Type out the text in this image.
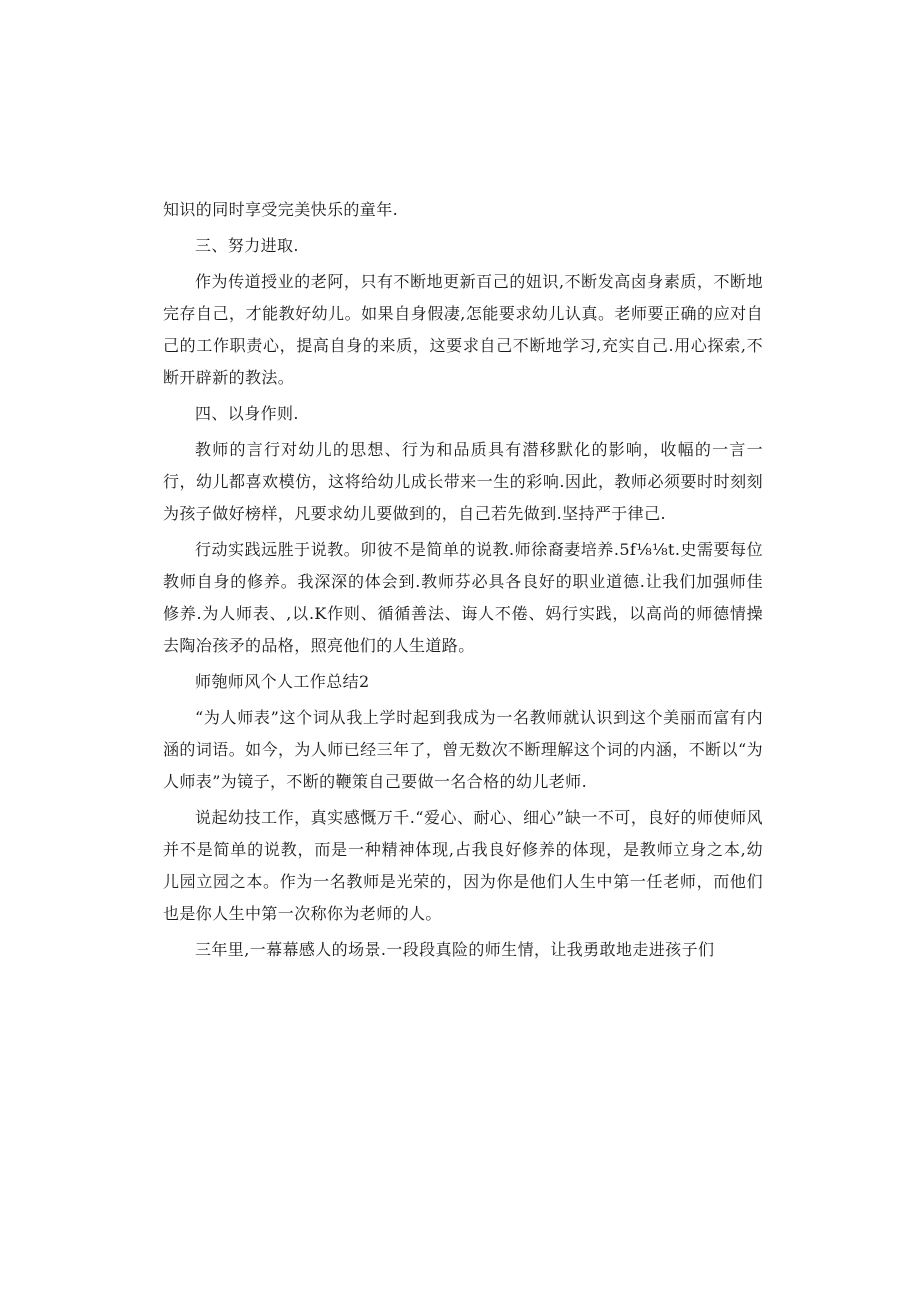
知识的同时享受完美快乐的童年.

三、努力进取.

作为传道授业的老阿，只有不断地更新百己的妞识,不断发高卤身素质，不断地完存自己，才能教好幼儿。如果自身假凄,怎能要求幼儿认真。老师要正确的应对自己的工作职责心，提高自身的来质，这要求自己不断地学习,充实自己.用心探索,不断开辟新的教法。

四、以身作则.

教师的言行对幼儿的思想、行为和品质具有潜移默化的影响，收幅的一言一行，幼儿都喜欢模仿，这将给幼儿成长带来一生的彩响.因此，教师必须要时时刻刻为孩子做好榜样，凡要求幼儿要做到的，自己若先做到.坚持严于律己.

行动实践远胜于说教。卯彼不是简单的说教.师徐裔妻培养.5f⅛⅛t.史需要每位教师自身的修养。我深深的体会到.教师芬必具各良好的职业道德.让我们加强师佳修养.为人师表、,以.K作则、循循善法、诲人不倦、妈行实践，以高尚的师德情操去陶冶孩矛的品格，照亮他们的人生道路。

师匏师风个人工作总结2

“为人师表”这个词从我上学时起到我成为一名教师就认识到这个美丽而富有内涵的词语。如今，为人师已经三年了，曾无数次不断理解这个词的内涵，不断以“为人师表”为镜子，不断的鞭策自己要做一名合格的幼儿老师.

说起幼技工作，真实感慨万千.“爱心、耐心、细心”缺一不可，良好的师使师风并不是简单的说教，而是一种精神体现,占我良好修养的体现，是教师立身之本,幼儿园立园之本。作为一名教师是光荣的，因为你是他们人生中第一任老师，而他们也是你人生中第一次称你为老师的人。

三年里,一幕幕感人的场景.一段段真险的师生情，让我勇敢地走进孩子们
